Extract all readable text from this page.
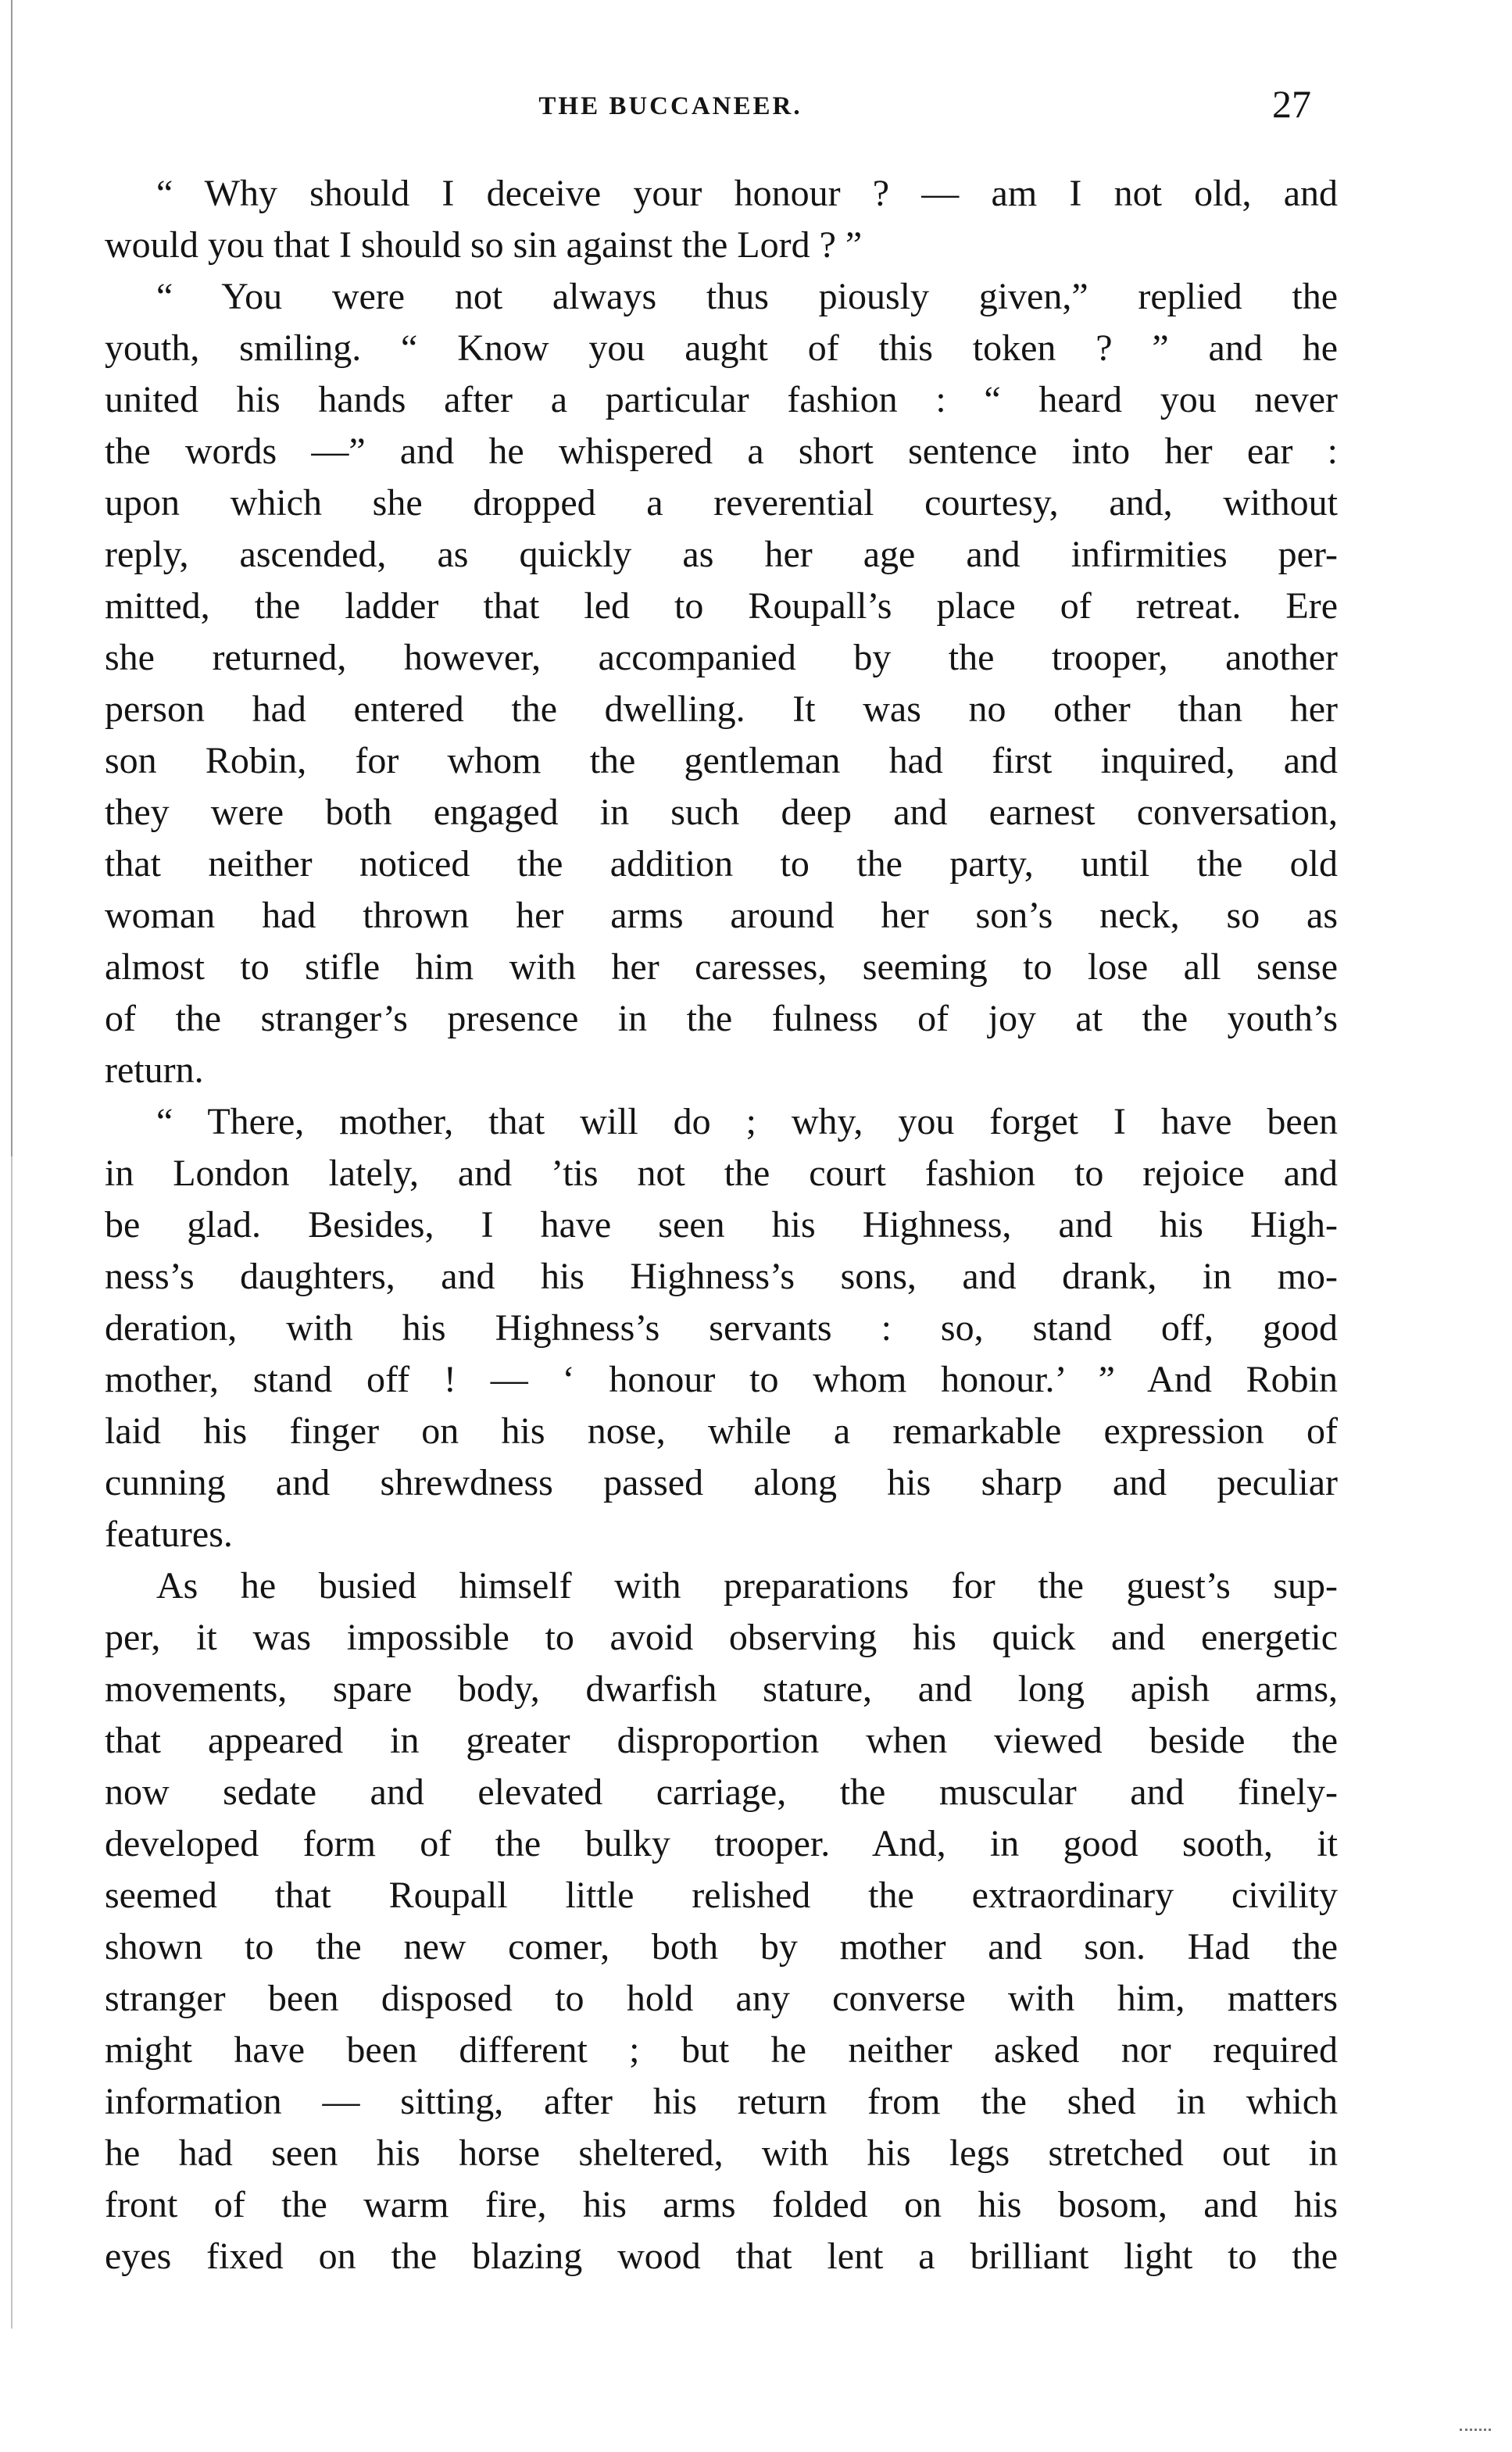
THE BUCCANEER.	27
“ Why should I deceive your honour ? — am I not old, and
would you that I should so sin against the Lord ? ”
“ You were not always thus piously given,” replied the
youth, smiling. “ Know you aught of this token ? ” and he
united his hands after a particular fashion : “ heard you never
the words —” and he whispered a short sentence into her ear :
upon which she dropped a reverential courtesy, and, without
reply, ascended, as quickly as her age and infirmities per-
mitted, the ladder that led to Roupall’s place of retreat. Ere
she returned, however, accompanied by the trooper, another
person had entered the dwelling. It was no other than her
son Robin, for whom the gentleman had first inquired, and
they were both engaged in such deep and earnest conversation,
that neither noticed the addition to the party, until the old
woman had thrown her arms around her son’s neck, so as
almost to stifle him with her caresses, seeming to lose all sense
of the stranger’s presence in the fulness of joy at the youth’s
return.
“ There, mother, that will do ; why, you forget I have been
in London lately, and ’tis not the court fashion to rejoice and
be glad. Besides, I have seen his Highness, and his High-
ness’s daughters, and his Highness’s sons, and drank, in mo-
deration, with his Highness’s servants : so, stand off, good
mother, stand off ! — ‘ honour to whom honour.’ ” And Robin
laid his finger on his nose, while a remarkable expression of
cunning and shrewdness passed along his sharp and peculiar
features.
As he busied himself with preparations for the guest’s sup-
per, it was impossible to avoid observing his quick and energetic
movements, spare body, dwarfish stature, and long apish arms,
that appeared in greater disproportion when viewed beside the
now sedate and elevated carriage, the muscular and finely-
developed form of the bulky trooper. And, in good sooth, it
seemed that Roupall little relished the extraordinary civility
shown to the new comer, both by mother and son. Had the
stranger been disposed to hold any converse with him, matters
might have been different ; but he neither asked nor required
information — sitting, after his return from the shed in which
he had seen his horse sheltered, with his legs stretched out in
front of the warm fire, his arms folded on his bosom, and his
eyes fixed on the blazing wood that lent a brilliant light to the
